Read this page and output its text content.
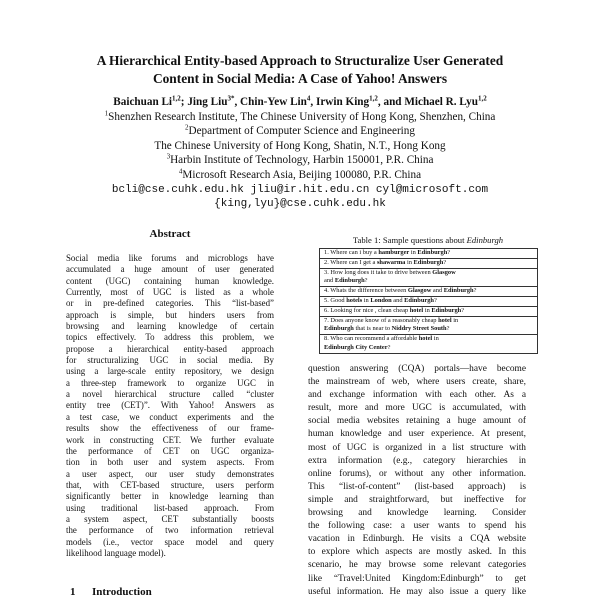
A Hierarchical Entity-based Approach to Structuralize User Generated
Content in Social Media: A Case of Yahoo! Answers
Baichuan Li$^{1,2}$; Jing Liu$^{3*}$, Chin-Yew Lin$^4$, Irwin King$^{1,2}$, and Michael R. Lyu$^{1,2}$
$^1$Shenzhen Research Institute, The Chinese University of Hong Kong, Shenzhen, China
$^2$Department of Computer Science and Engineering
The Chinese University of Hong Kong, Shatin, N.T., Hong Kong
$^3$Harbin Institute of Technology, Harbin 150001, P.R. China
$^4$Microsoft Research Asia, Beijing 100080, P.R. China
bcli@cse.cuhk.edu.hk jliu@ir.hit.edu.cn cyl@microsoft.com
{king,lyu}@cse.cuhk.edu.hk
Abstract
Social media like forums and microblogs have
accumulated a huge amount of user generated
content (UGC) containing human knowledge.
Currently, most of UGC is listed as a whole
or in pre-defined categories. This “list-based”
approach is simple, but hinders users from
browsing and learning knowledge of certain
topics effectively. To address this problem, we
propose a hierarchical entity-based approach
for structuralizing UGC in social media. By
using a large-scale entity repository, we design
a three-step framework to organize UGC in
a novel hierarchical structure called “cluster
entity tree (CET)”. With Yahoo! Answers as
a test case, we conduct experiments and the
results show the effectiveness of our frame-
work in constructing CET. We further evaluate
the performance of CET on UGC organiza-
tion in both user and system aspects. From
a user aspect, our user study demonstrates
that, with CET-based structure, users perform
significantly better in knowledge learning than
using traditional list-based approach. From
a system aspect, CET substantially boosts
the performance of two information retrieval
models (i.e., vector space model and query
likelihood language model).
1 Introduction
Table 1: Sample questions about Edinburgh
1. Where can i buy a hamburger in Edinburgh?
2. Where can I get a shawarma in Edinburgh?
3. How long does it take to drive between Glasgow
and Edinburgh?
4. Whats the difference between Glasgow and Edinburgh?
5. Good hotels in London and Edinburgh?
6. Looking for nice , clean cheap hotel in Edinburgh?
7. Does anyone know of a reasonably cheap hotel in
Edinburgh that is near to Niddry Street South?
8. Who can recommend a affordable hotel in
Edinburgh City Center?
question answering (CQA) portals—have become
the mainstream of web, where users create, share,
and exchange information with each other. As a
result, more and more UGC is accumulated, with
social media websites retaining a huge amount of
human knowledge and user experience. At present,
most of UGC is organized in a list structure with
extra information (e.g., category hierarchies in
online forums), or without any other information.
This “list-of-content” (list-based approach) is
simple and straightforward, but ineffective for
browsing and knowledge learning. Consider
the following case: a user wants to spend his
vacation in Edinburgh. He visits a CQA website
to explore which aspects are mostly asked. In this
scenario, he may browse some relevant categories
like “Travel:United Kingdom:Edinburgh” to get
useful information. He may also issue a query like
